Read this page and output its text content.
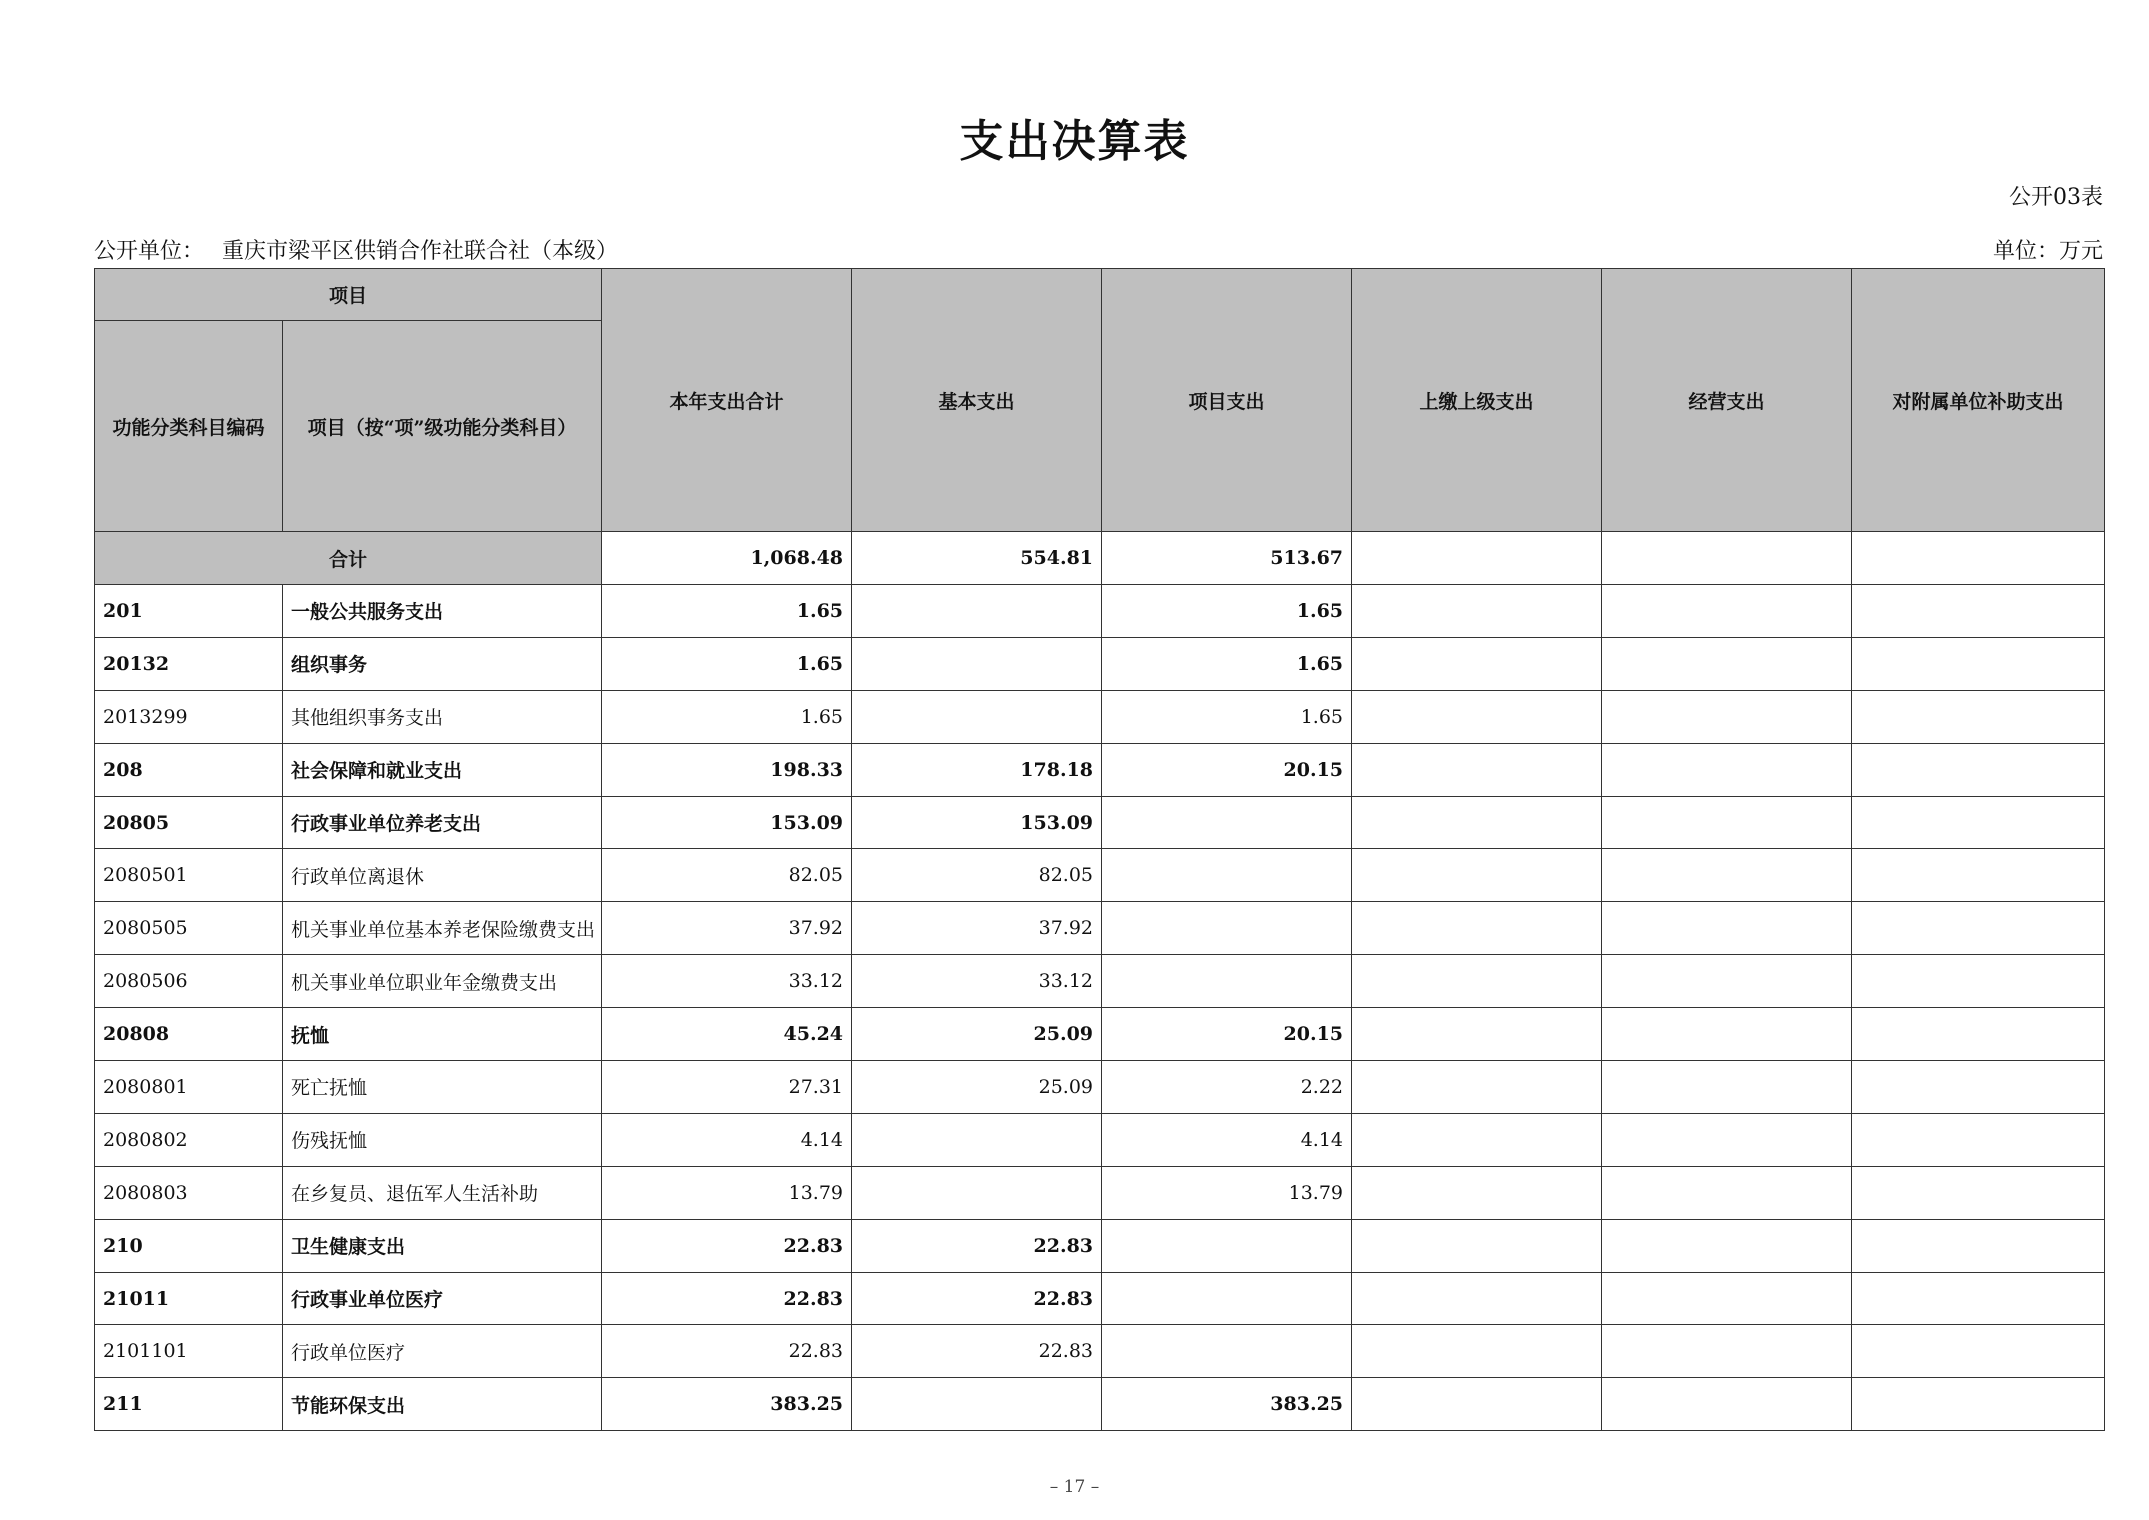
支出决算表
公开03表
公开单位： 重庆市梁平区供销合作社联合社（本级）	单位：万元
项目		本年支出合计	基本支出	项目支出	上缴上级支出	经营支出	对附属单位补助支出
功能分类科目编码	项目（按“项”级功能分类科目）						
合计		1,068.48	554.81	513.67			
201	一般公共服务支出	1.65		1.65			
20132	组织事务	1.65		1.65			
2013299	其他组织事务支出	1.65		1.65			
208	社会保障和就业支出	198.33	178.18	20.15			
20805	行政事业单位养老支出	153.09	153.09				
2080501	行政单位离退休	82.05	82.05				
2080505	机关事业单位基本养老保险缴费支出	37.92	37.92				
2080506	机关事业单位职业年金缴费支出	33.12	33.12				
20808	抚恤	45.24	25.09	20.15			
2080801	死亡抚恤	27.31	25.09	2.22			
2080802	伤残抚恤	4.14		4.14			
2080803	在乡复员、退伍军人生活补助	13.79		13.79			
210	卫生健康支出	22.83	22.83				
21011	行政事业单位医疗	22.83	22.83				
2101101	行政单位医疗	22.83	22.83				
211	节能环保支出	383.25		383.25			
– 17 –
